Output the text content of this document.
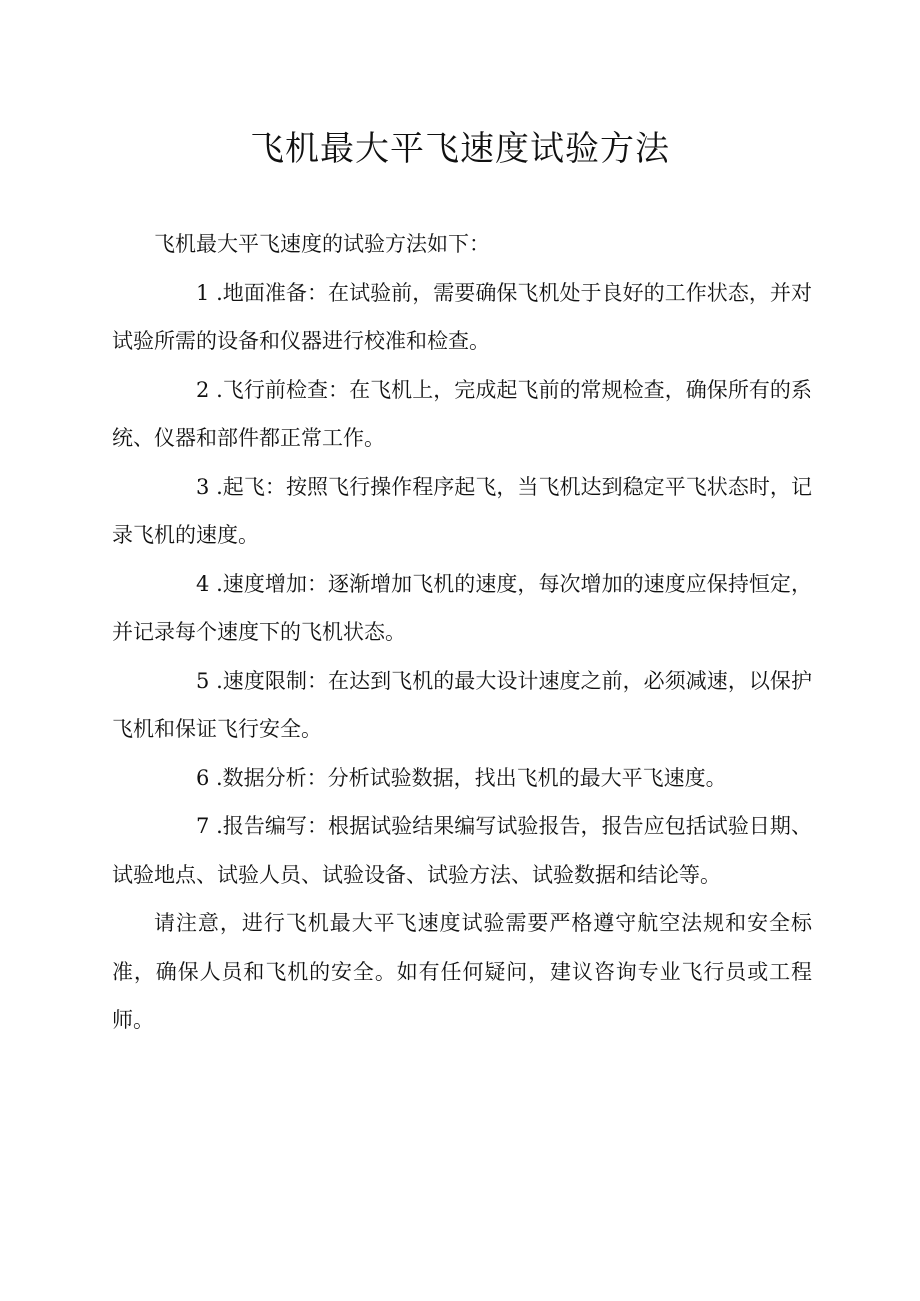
飞机最大平飞速度试验方法

飞机最大平飞速度的试验方法如下：

1 .地面准备：在试验前，需要确保飞机处于良好的工作状态，并对试验所需的设备和仪器进行校准和检查。

2 .飞行前检查：在飞机上，完成起飞前的常规检查，确保所有的系统、仪器和部件都正常工作。

3 .起飞：按照飞行操作程序起飞，当飞机达到稳定平飞状态时，记录飞机的速度。

4 .速度增加：逐渐增加飞机的速度，每次增加的速度应保持恒定，并记录每个速度下的飞机状态。

5 .速度限制：在达到飞机的最大设计速度之前，必须减速，以保护飞机和保证飞行安全。

6 .数据分析：分析试验数据，找出飞机的最大平飞速度。

7 .报告编写：根据试验结果编写试验报告，报告应包括试验日期、试验地点、试验人员、试验设备、试验方法、试验数据和结论等。

请注意，进行飞机最大平飞速度试验需要严格遵守航空法规和安全标准，确保人员和飞机的安全。如有任何疑问，建议咨询专业飞行员或工程师。
